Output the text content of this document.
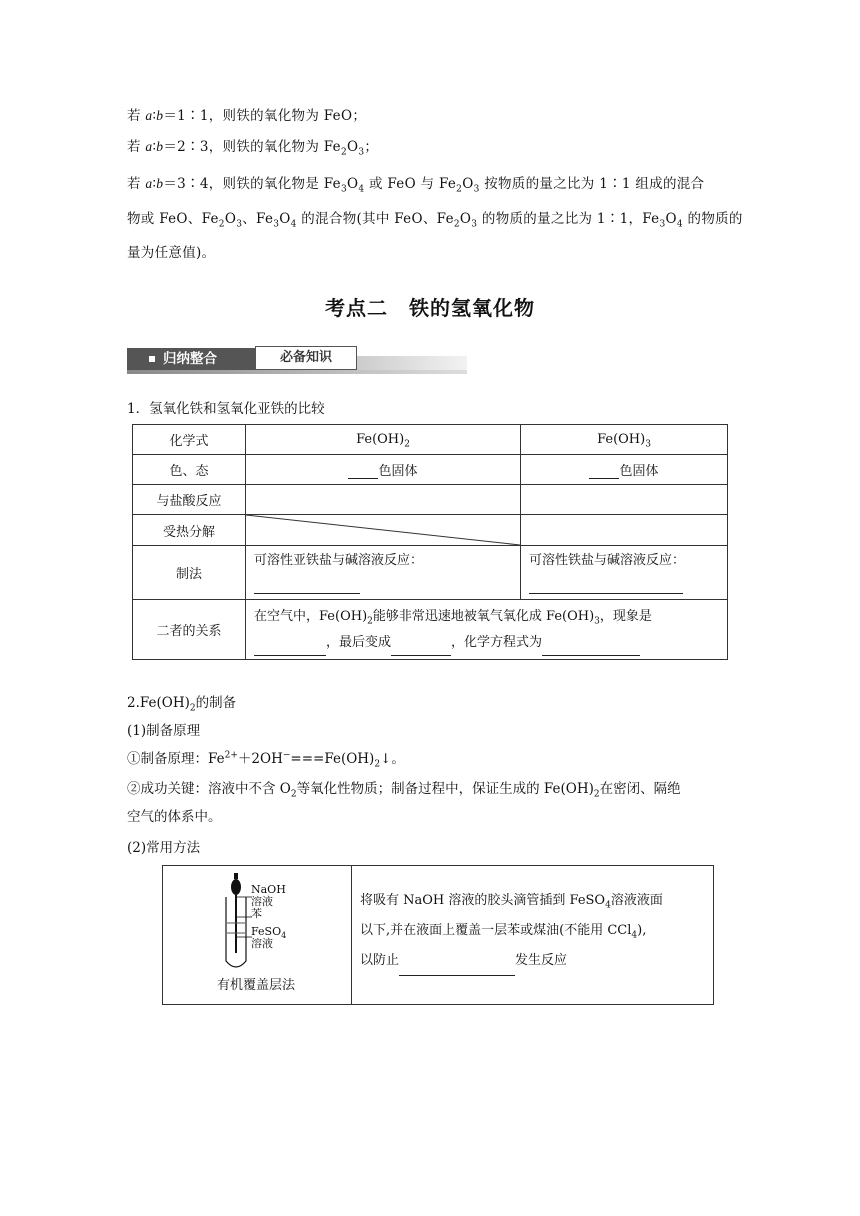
若 a∶b＝1∶1，则铁的氧化物为 FeO；
若 a∶b＝2∶3，则铁的氧化物为 $Fe_2O_3$；
若 a∶b＝3∶4，则铁的氧化物是 $Fe_3O_4$ 或 FeO 与 $Fe_2O_3$ 按物质的量之比为 1∶1 组成的混合
物或 FeO、$Fe_2O_3$、$Fe_3O_4$ 的混合物(其中 FeO、$Fe_2O_3$ 的物质的量之比为 1∶1，$Fe_3O_4$ 的物质的
量为任意值)。
考点二　铁的氢氧化物
归纳整合	必备知识
1．氢氧化铁和氢氧化亚铁的比较
化学式	$Fe(OH)_2$	$Fe(OH)_3$
色、态	色固体	色固体
与盐酸反应		
受热分解	

制法	可溶性亚铁盐与碱溶液反应：	可溶性铁盐与碱溶液反应：

二者的关系	在空气中，$Fe(OH)_2$能够非常迅速地被氧气氧化成 $Fe(OH)_3$，现象是
，最后变成 ，化学方程式为	
$2.Fe(OH)_2$的制备
(1)制备原理
①制备原理：$Fe^{2+}+2OH^-===Fe(OH)_2↓$。
②成功关键：溶液中不含 $O_2$等氧化性物质；制备过程中，保证生成的 $Fe(OH)_2$在密闭、隔绝
空气的体系中。
(2)常用方法
NaOH
溶液
苯
FeSO$_4$
溶液
有机覆盖层法

将吸有 NaOH 溶液的胶头滴管插到 FeSO$_4$溶液液面
以下,并在液面上覆盖一层苯或煤油(不能用 CCl$_4$),
以防止	发生反应
